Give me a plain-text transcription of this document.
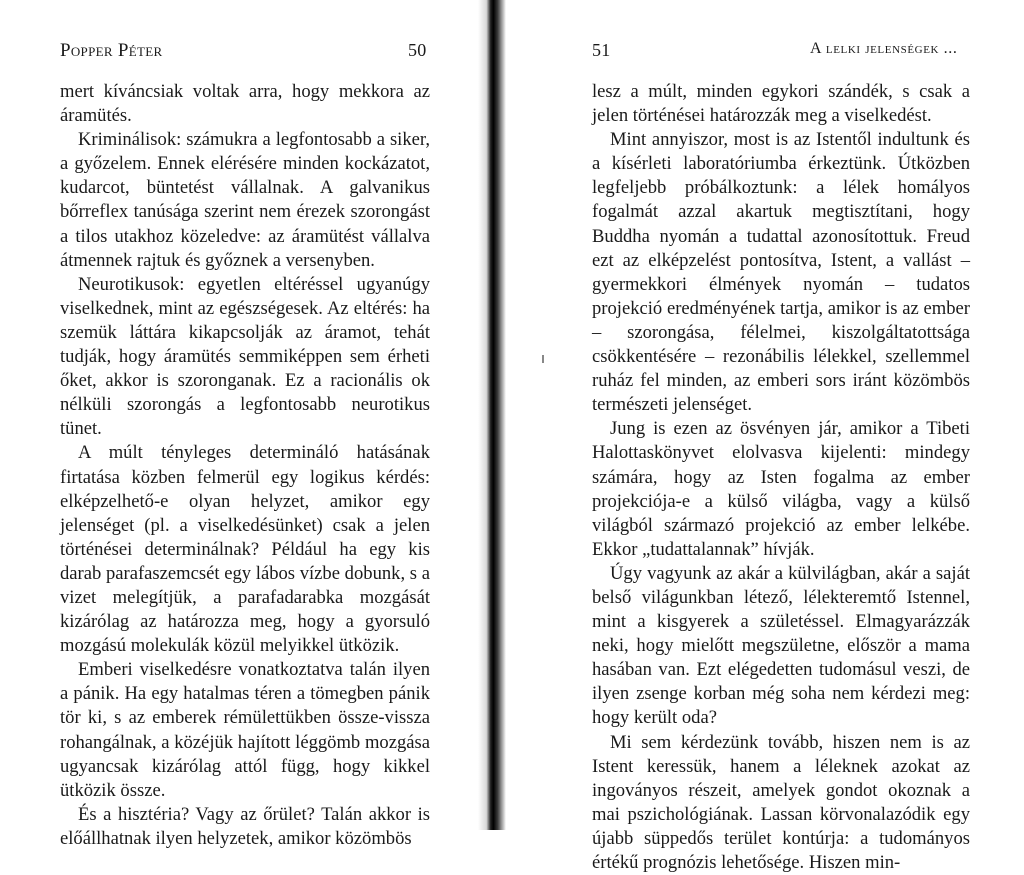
Popper Péter	50

mert kíváncsiak voltak arra, hogy mekkora az áramütés.

Kriminálisok: számukra a legfontosabb a siker, a győzelem. Ennek elérésére minden kockázatot, kudarcot, büntetést vállalnak. A galvanikus bőrreflex tanúsága szerint nem érezek szorongást a tilos utakhoz közeledve: az áramütést vállalva átmennek rajtuk és győznek a versenyben.

Neurotikusok: egyetlen eltéréssel ugyanúgy viselkednek, mint az egészségesek. Az eltérés: ha szemük láttára kikapcsolják az áramot, tehát tudják, hogy áramütés semmiképpen sem érheti őket, akkor is szoronganak. Ez a racionális ok nélküli szorongás a legfontosabb neurotikus tünet.

A múlt tényleges determináló hatásának firtatása közben felmerül egy logikus kérdés: elképzelhető-e olyan helyzet, amikor egy jelenséget (pl. a viselkedésünket) csak a jelen történései determinálnak? Például ha egy kis darab parafaszemcsét egy lábos vízbe dobunk, s a vizet melegítjük, a parafadarabka mozgását kizárólag az határozza meg, hogy a gyorsuló mozgású molekulák közül melyikkel ütközik.

Emberi viselkedésre vonatkoztatva talán ilyen a pánik. Ha egy hatalmas téren a tömegben pánik tör ki, s az emberek rémülettükben össze-vissza rohangálnak, a közéjük hajított léggömb mozgása ugyancsak kizárólag attól függ, hogy kikkel ütközik össze.

És a hisztéria? Vagy az őrület? Talán akkor is előállhatnak ilyen helyzetek, amikor közömbös

51	A lelki jelenségek ...

lesz a múlt, minden egykori szándék, s csak a jelen történései határozzák meg a viselkedést.

Mint annyiszor, most is az Istentől indultunk és a kísérleti laboratóriumba érkeztünk. Útközben legfeljebb próbálkoztunk: a lélek homályos fogalmát azzal akartuk megtisztítani, hogy Buddha nyomán a tudattal azonosítottuk. Freud ezt az elképzelést pontosítva, Istent, a vallást – gyermekkori élmények nyomán – tudatos projekció eredményének tartja, amikor is az ember – szorongása, félelmei, kiszolgáltatottsága csökkentésére – rezonábilis lélekkel, szellemmel ruház fel minden, az emberi sors iránt közömbös természeti jelenséget.

Jung is ezen az ösvényen jár, amikor a Tibeti Halottaskönyvet elolvasva kijelenti: mindegy számára, hogy az Isten fogalma az ember projekciója-e a külső világba, vagy a külső világból származó projekció az ember lelkébe. Ekkor „tudattalannak” hívják.

Úgy vagyunk az akár a külvilágban, akár a saját belső világunkban létező, lélekteremtő Istennel, mint a kisgyerek a születéssel. Elmagyarázzák neki, hogy mielőtt megszületne, először a mama hasában van. Ezt elégedetten tudomásul veszi, de ilyen zsenge korban még soha nem kérdezi meg: hogy került oda?

Mi sem kérdezünk tovább, hiszen nem is az Istent keressük, hanem a léleknek azokat az ingoványos részeit, amelyek gondot okoznak a mai pszichológiának. Lassan körvonalazódik egy újabb süppedős terület kontúrja: a tudományos értékű prognózis lehetősége. Hiszen min-
